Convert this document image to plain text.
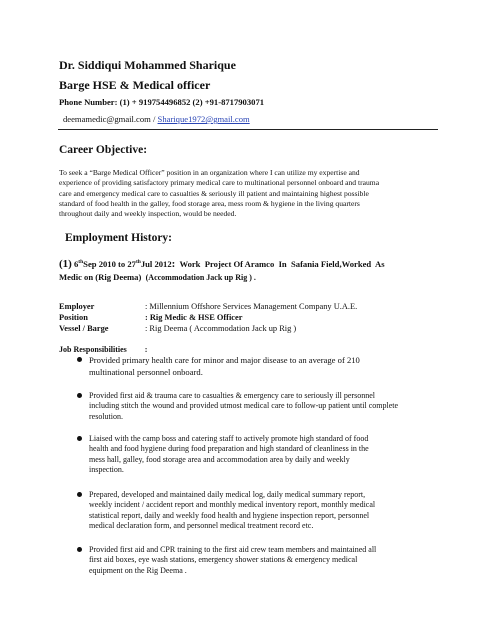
Dr. Siddiqui Mohammed Sharique
Barge HSE & Medical officer
Phone Number: (1) + 919754496852 (2) +91-8717903071
deemamedic@gmail.com / Sharique1972@gmail.com
Career Objective:
To seek a “Barge Medical Officer” position in an organization where I can utilize my expertise and
experience of providing satisfactory primary medical care to multinational personnel onboard and trauma
care and emergency medical care to casualties & seriously ill patient and maintaining highest possible
standard of food health in the galley, food storage area, mess room & hygiene in the living quarters
throughout daily and weekly inspection, would be needed.
Employment History:
(1) 6thSep 2010 to 27thJul 2012:  Work  Project Of Aramco  In  Safania Field,Worked  As
Medic on (Rig Deema)  (Accommodation Jack up Rig ) .
Employer	: Millennium Offshore Services Management Company U.A.E.
Position	: Rig Medic & HSE Officer
Vessel / Barge	: Rig Deema ( Accommodation Jack up Rig )
Job Responsibilities :
Provided primary health care for minor and major disease to an average of 210
multinational personnel onboard.
Provided first aid & trauma care to casualties & emergency care to seriously ill personnel
including stitch the wound and provided utmost medical care to follow-up patient until complete
resolution.
Liaised with the camp boss and catering staff to actively promote high standard of food
health and food hygiene during food preparation and high standard of cleanliness in the
mess hall, galley, food storage area and accommodation area by daily and weekly
inspection.
Prepared, developed and maintained daily medical log, daily medical summary report,
weekly incident / accident report and monthly medical inventory report, monthly medical
statistical report, daily and weekly food health and hygiene inspection report, personnel
medical declaration form, and personnel medical treatment record etc.
Provided first aid and CPR training to the first aid crew team members and maintained all
first aid boxes, eye wash stations, emergency shower stations & emergency medical
equipment on the Rig Deema .
